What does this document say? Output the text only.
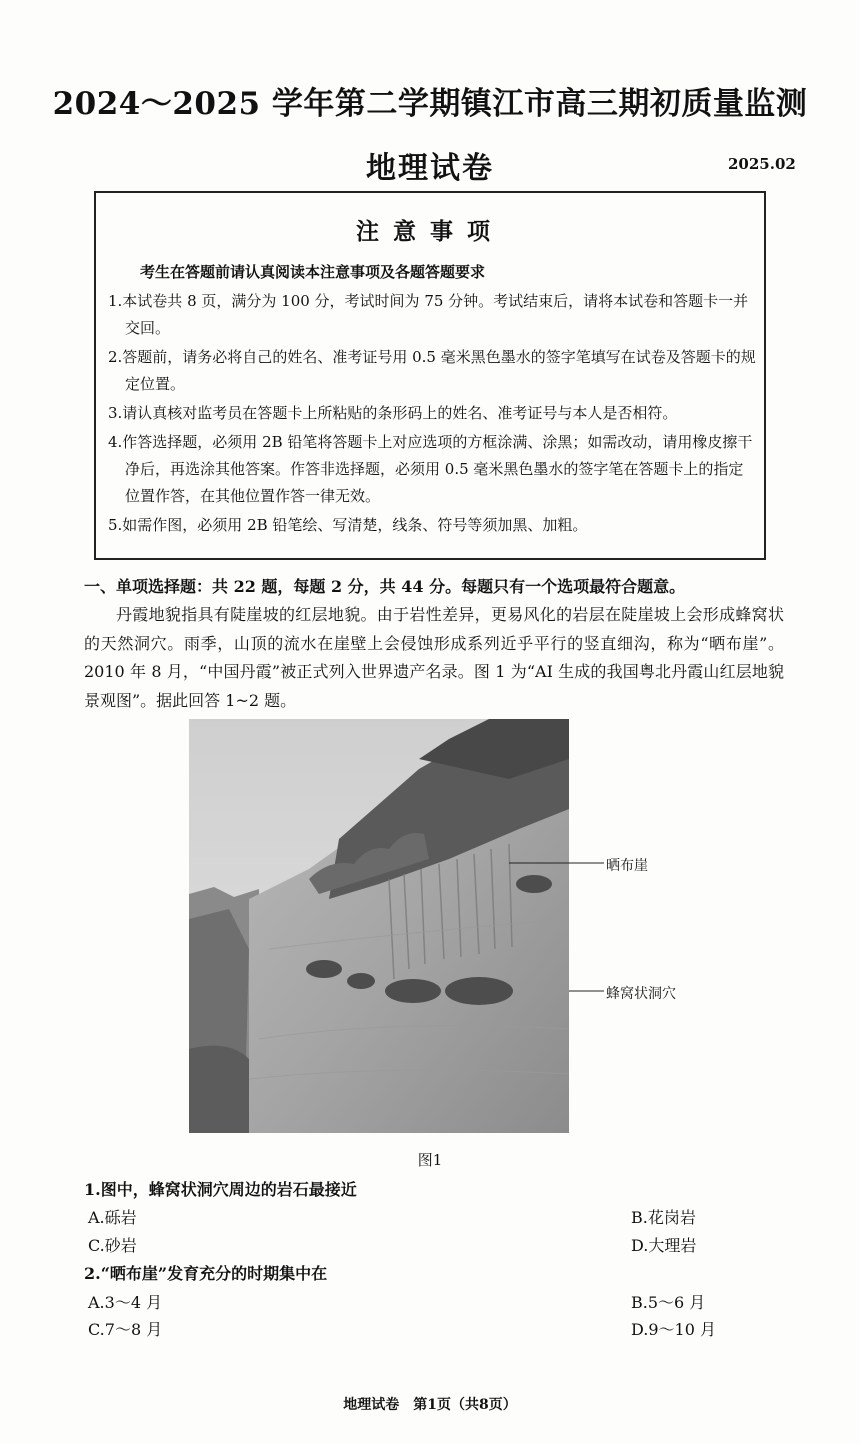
2024～2025 学年第二学期镇江市高三期初质量监测
地理试卷	2025.02
注意事项
考生在答题前请认真阅读本注意事项及各题答题要求
1.本试卷共 8 页，满分为 100 分，考试时间为 75 分钟。考试结束后，请将本试卷和答题卡一并交回。
2.答题前，请务必将自己的姓名、准考证号用 0.5 毫米黑色墨水的签字笔填写在试卷及答题卡的规定位置。
3.请认真核对监考员在答题卡上所粘贴的条形码上的姓名、准考证号与本人是否相符。
4.作答选择题，必须用 2B 铅笔将答题卡上对应选项的方框涂满、涂黑；如需改动，请用橡皮擦干净后，再选涂其他答案。作答非选择题，必须用 0.5 毫米黑色墨水的签字笔在答题卡上的指定位置作答，在其他位置作答一律无效。
5.如需作图，必须用 2B 铅笔绘、写清楚，线条、符号等须加黑、加粗。
一、单项选择题：共 22 题，每题 2 分，共 44 分。每题只有一个选项最符合题意。
丹霞地貌指具有陡崖坡的红层地貌。由于岩性差异，更易风化的岩层在陡崖坡上会形成蜂窝状的天然洞穴。雨季，山顶的流水在崖壁上会侵蚀形成系列近乎平行的竖直细沟，称为“晒布崖”。2010 年 8 月，“中国丹霞”被正式列入世界遗产名录。图 1 为“AI 生成的我国粤北丹霞山红层地貌景观图”。据此回答 1~2 题。
晒布崖
蜂窝状洞穴
图1
1.图中，蜂窝状洞穴周边的岩石最接近
A.砾岩	B.花岗岩
C.砂岩	D.大理岩
2.“晒布崖”发育充分的时期集中在
A.3～4 月	B.5～6 月
C.7～8 月	D.9～10 月
地理试卷　第1页（共8页）
